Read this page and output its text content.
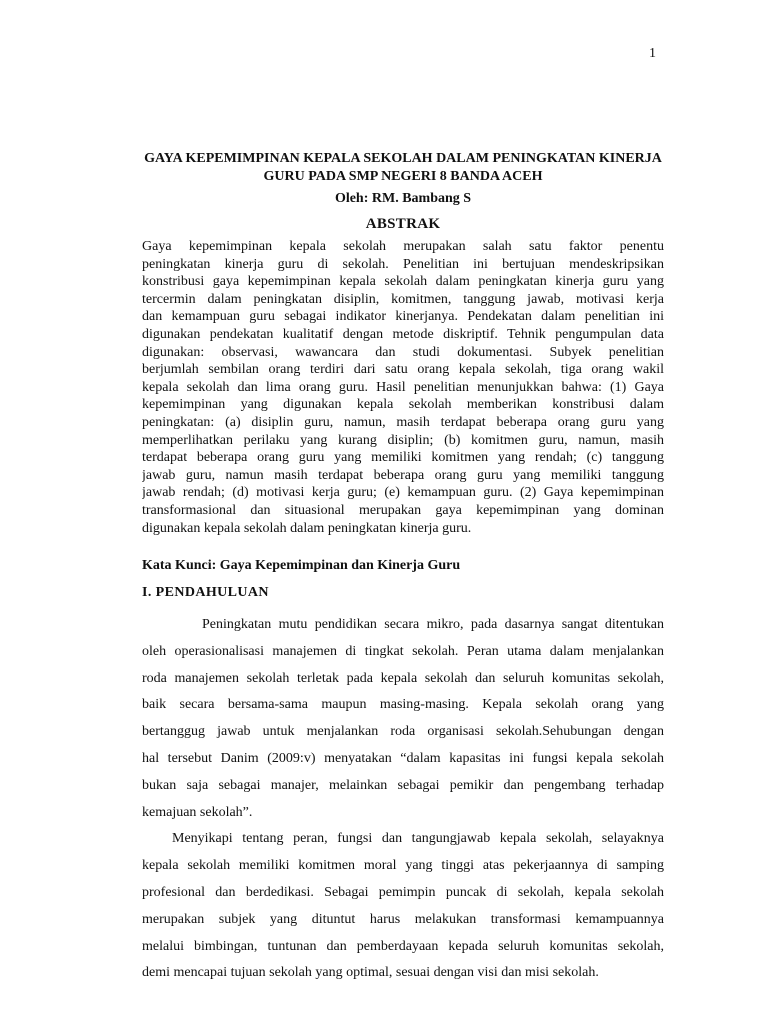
1
GAYA KEPEMIMPINAN KEPALA SEKOLAH DALAM PENINGKATAN KINERJA
GURU PADA SMP NEGERI 8 BANDA ACEH
Oleh: RM. Bambang S
ABSTRAK
Gaya kepemimpinan kepala sekolah merupakan salah satu faktor penentu
peningkatan kinerja guru di sekolah. Penelitian ini bertujuan mendeskripsikan
konstribusi gaya kepemimpinan kepala sekolah dalam peningkatan kinerja guru yang
tercermin dalam peningkatan disiplin, komitmen, tanggung jawab, motivasi kerja
dan kemampuan guru sebagai indikator kinerjanya. Pendekatan dalam penelitian ini
digunakan pendekatan kualitatif dengan metode diskriptif. Tehnik pengumpulan data
digunakan: observasi, wawancara dan studi dokumentasi. Subyek penelitian
berjumlah sembilan orang terdiri dari satu orang kepala sekolah, tiga orang wakil
kepala sekolah dan lima orang guru. Hasil penelitian menunjukkan bahwa: (1) Gaya
kepemimpinan yang digunakan kepala sekolah memberikan konstribusi dalam
peningkatan: (a) disiplin guru, namun, masih terdapat beberapa orang guru yang
memperlihatkan perilaku yang kurang disiplin; (b) komitmen guru, namun, masih
terdapat beberapa orang guru yang memiliki komitmen yang rendah; (c) tanggung
jawab guru, namun masih terdapat beberapa orang guru yang memiliki tanggung
jawab rendah; (d) motivasi kerja guru; (e) kemampuan guru. (2) Gaya kepemimpinan
transformasional dan situasional merupakan gaya kepemimpinan yang dominan
digunakan kepala sekolah dalam peningkatan kinerja guru.
Kata Kunci: Gaya Kepemimpinan dan Kinerja Guru
I. PENDAHULUAN
Peningkatan mutu pendidikan secara mikro, pada dasarnya sangat ditentukan
oleh operasionalisasi manajemen di tingkat sekolah. Peran utama dalam menjalankan
roda manajemen sekolah terletak pada kepala sekolah dan seluruh komunitas sekolah,
baik secara bersama-sama maupun masing-masing. Kepala sekolah orang yang
bertanggug jawab untuk menjalankan roda organisasi sekolah.Sehubungan dengan
hal tersebut Danim (2009:v) menyatakan “dalam kapasitas ini fungsi kepala sekolah
bukan saja sebagai manajer, melainkan sebagai pemikir dan pengembang terhadap
kemajuan sekolah”.
Menyikapi tentang peran, fungsi dan tangungjawab kepala sekolah, selayaknya
kepala sekolah memiliki komitmen moral yang tinggi atas pekerjaannya di samping
profesional dan berdedikasi. Sebagai pemimpin puncak di sekolah, kepala sekolah
merupakan subjek yang dituntut harus melakukan transformasi kemampuannya
melalui bimbingan, tuntunan dan pemberdayaan kepada seluruh komunitas sekolah,
demi mencapai tujuan sekolah yang optimal, sesuai dengan visi dan misi sekolah.
